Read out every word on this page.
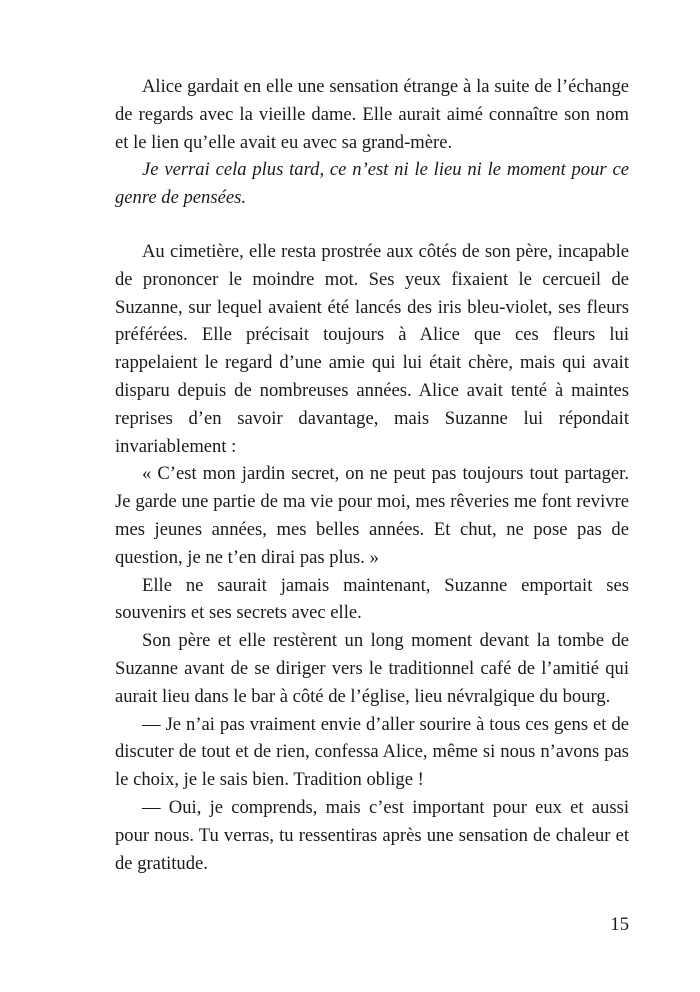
Alice gardait en elle une sensation étrange à la suite de l’échange de regards avec la vieille dame. Elle aurait aimé connaître son nom et le lien qu’elle avait eu avec sa grand-mère.

Je verrai cela plus tard, ce n’est ni le lieu ni le moment pour ce genre de pensées.

Au cimetière, elle resta prostrée aux côtés de son père, incapable de prononcer le moindre mot. Ses yeux fixaient le cercueil de Suzanne, sur lequel avaient été lancés des iris bleu-violet, ses fleurs préférées. Elle précisait toujours à Alice que ces fleurs lui rappelaient le regard d’une amie qui lui était chère, mais qui avait disparu depuis de nombreuses années. Alice avait tenté à maintes reprises d’en savoir davantage, mais Suzanne lui répondait invariablement :

« C’est mon jardin secret, on ne peut pas toujours tout partager. Je garde une partie de ma vie pour moi, mes rêveries me font revivre mes jeunes années, mes belles années. Et chut, ne pose pas de question, je ne t’en dirai pas plus. »

Elle ne saurait jamais maintenant, Suzanne emportait ses souvenirs et ses secrets avec elle.

Son père et elle restèrent un long moment devant la tombe de Suzanne avant de se diriger vers le traditionnel café de l’amitié qui aurait lieu dans le bar à côté de l’église, lieu névralgique du bourg.

— Je n’ai pas vraiment envie d’aller sourire à tous ces gens et de discuter de tout et de rien, confessa Alice, même si nous n’avons pas le choix, je le sais bien. Tradition oblige !

— Oui, je comprends, mais c’est important pour eux et aussi pour nous. Tu verras, tu ressentiras après une sensation de chaleur et de gratitude.

15
